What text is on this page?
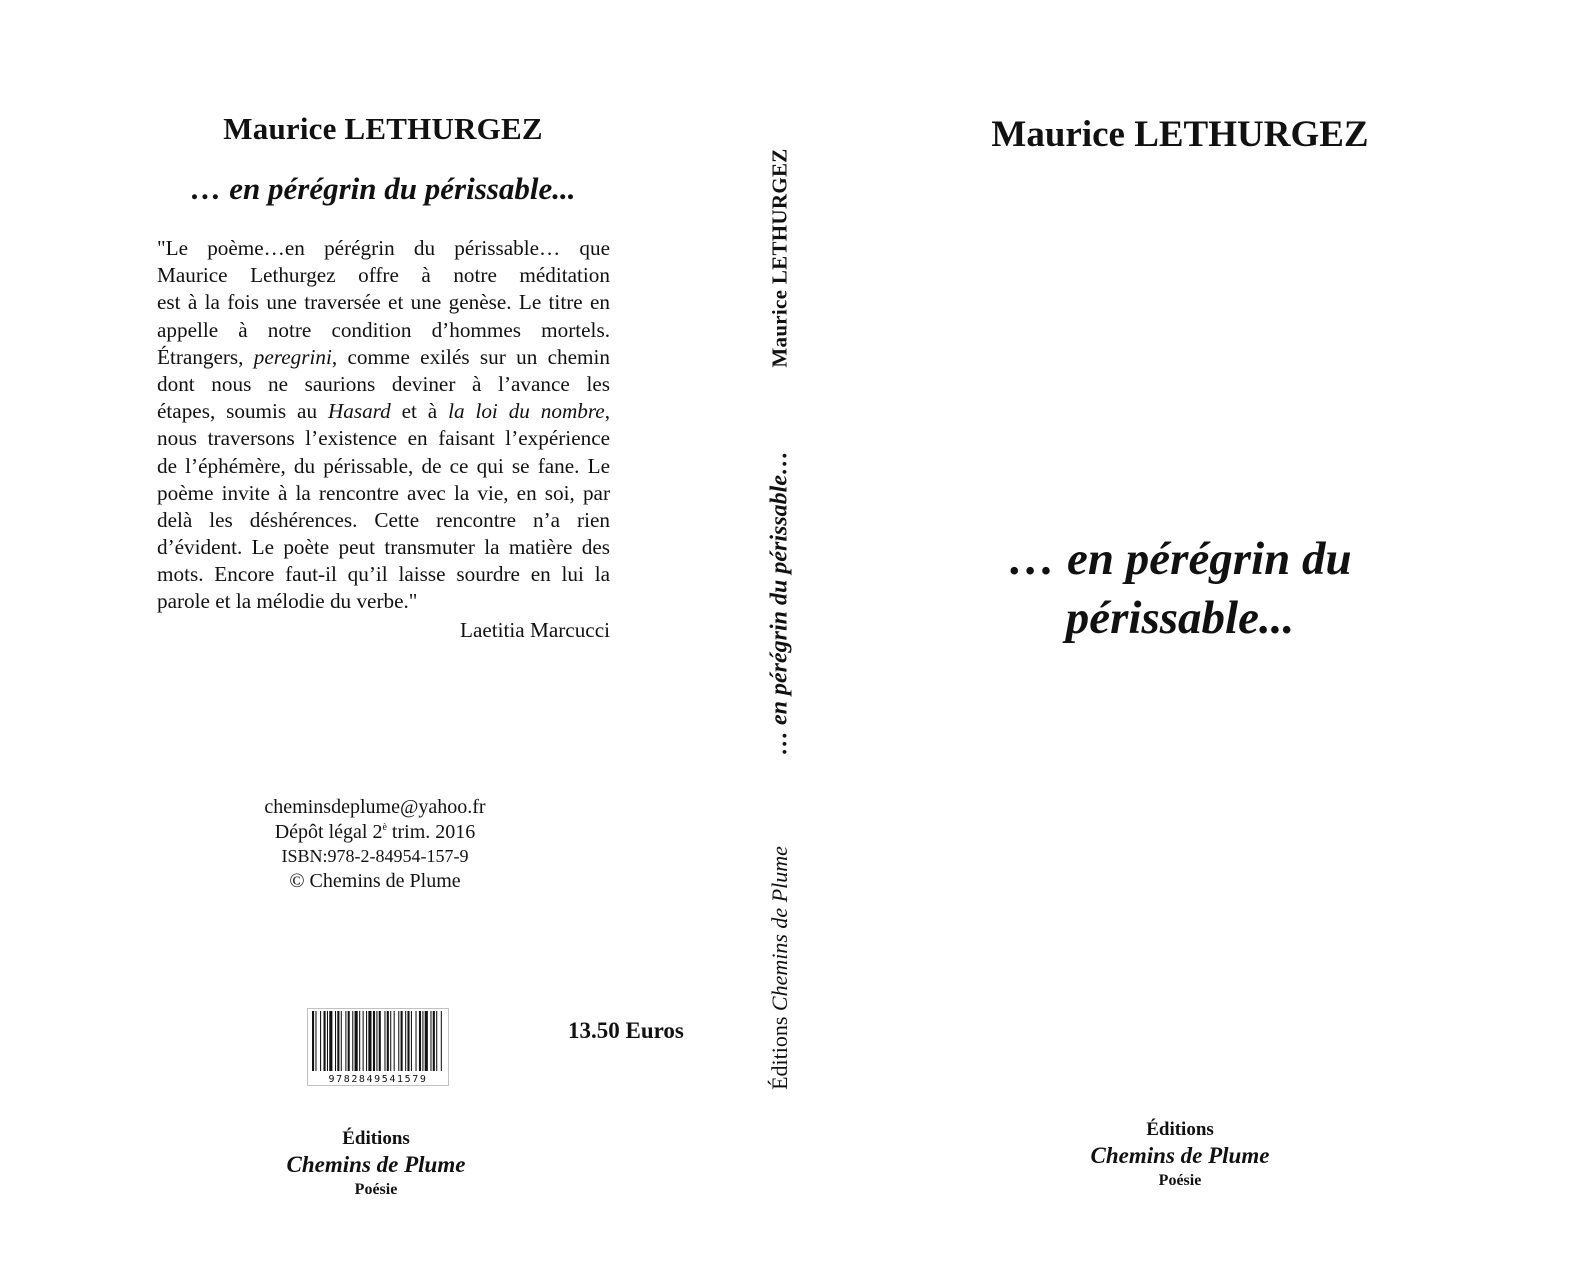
Maurice LETHURGEZ
… en pérégrin du périssable...
"Le poème…en pérégrin du périssable… que
Maurice Lethurgez offre à notre méditation
est à la fois une traversée et une genèse. Le titre en
appelle à notre condition d’hommes mortels.
Étrangers, peregrini, comme exilés sur un chemin
dont nous ne saurions deviner à l’avance les
étapes, soumis au Hasard et à la loi du nombre,
nous traversons l’existence en faisant l’expérience
de l’éphémère, du périssable, de ce qui se fane. Le
poème invite à la rencontre avec la vie, en soi, par
delà les déshérences. Cette rencontre n’a rien
d’évident. Le poète peut transmuter la matière des
mots. Encore faut-il qu’il laisse sourdre en lui la
parole et la mélodie du verbe."
Laetitia Marcucci
cheminsdeplume@yahoo.fr
Dépôt légal $2^è$ trim. 2016
ISBN:978-2-84954-157-9
© Chemins de Plume
9782849541579
13.50 Euros
Éditions
Chemins de Plume
Poésie
Maurice LETHURGEZ
… en pérégrin du périssable…
Éditions Chemins de Plume
Maurice LETHURGEZ
… en pérégrin du
périssable...
Éditions
Chemins de Plume
Poésie
